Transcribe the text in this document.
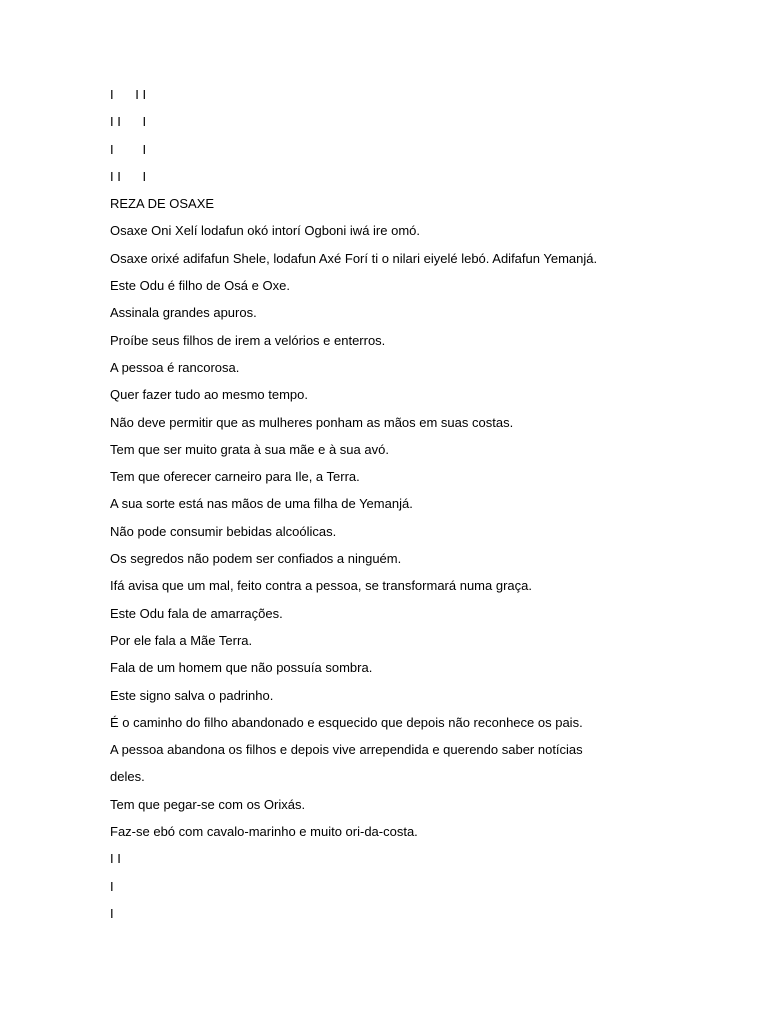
I I I
I I I
I I
I I I
REZA DE OSAXE
Osaxe Oni Xelí lodafun okó intorí Ogboni iwá ire omó.
Osaxe orixé adifafun Shele, lodafun Axé Forí ti o nilari eiyelé lebó. Adifafun Yemanjá.
Este Odu é filho de Osá e Oxe.
Assinala grandes apuros.
Proíbe seus filhos de irem a velórios e enterros.
A pessoa é rancorosa.
Quer fazer tudo ao mesmo tempo.
Não deve permitir que as mulheres ponham as mãos em suas costas.
Tem que ser muito grata à sua mãe e à sua avó.
Tem que oferecer carneiro para Ile, a Terra.
A sua sorte está nas mãos de uma filha de Yemanjá.
Não pode consumir bebidas alcoólicas.
Os segredos não podem ser confiados a ninguém.
Ifá avisa que um mal, feito contra a pessoa, se transformará numa graça.
Este Odu fala de amarrações.
Por ele fala a Mãe Terra.
Fala de um homem que não possuía sombra.
Este signo salva o padrinho.
É o caminho do filho abandonado e esquecido que depois não reconhece os pais.
A pessoa abandona os filhos e depois vive arrependida e querendo saber notícias
deles.
Tem que pegar-se com os Orixás.
Faz-se ebó com cavalo-marinho e muito ori-da-costa.
I I
I
I
